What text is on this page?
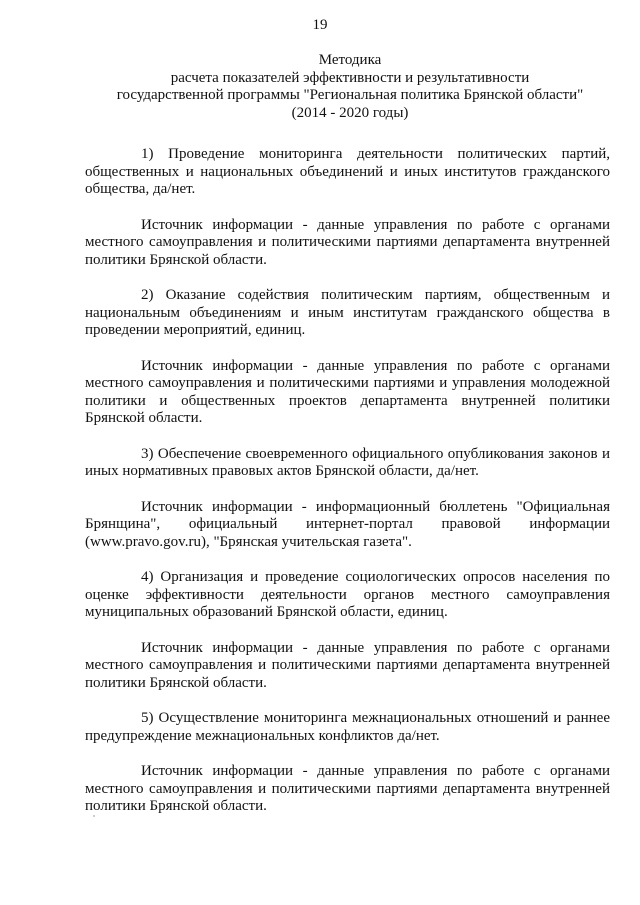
19
Методика
расчета показателей эффективности и результативности
государственной программы "Региональная политика Брянской области"
(2014 - 2020 годы)

1) Проведение мониторинга деятельности политических партий, общественных и национальных объединений и иных институтов гражданского общества, да/нет.

Источник информации - данные управления по работе с органами местного самоуправления и политическими партиями департамента внутренней политики Брянской области.

2) Оказание содействия политическим партиям, общественным и национальным объединениям и иным институтам гражданского общества в проведении мероприятий, единиц.

Источник информации - данные управления по работе с органами местного самоуправления и политическими партиями и управления молодежной политики и общественных проектов департамента внутренней политики Брянской области.

3) Обеспечение своевременного официального опубликования законов и иных нормативных правовых актов Брянской области, да/нет.

Источник информации - информационный бюллетень "Официальная Брянщина", официальный интернет-портал правовой информации (www.pravo.gov.ru), "Брянская учительская газета".

4) Организация и проведение социологических опросов населения по оценке эффективности деятельности органов местного самоуправления муниципальных образований Брянской области, единиц.

Источник информации - данные управления по работе с органами местного самоуправления и политическими партиями департамента внутренней политики Брянской области.

5) Осуществление мониторинга межнациональных отношений и раннее предупреждение межнациональных конфликтов да/нет.

Источник информации - данные управления по работе с органами местного самоуправления и политическими партиями департамента внутренней политики Брянской области.
